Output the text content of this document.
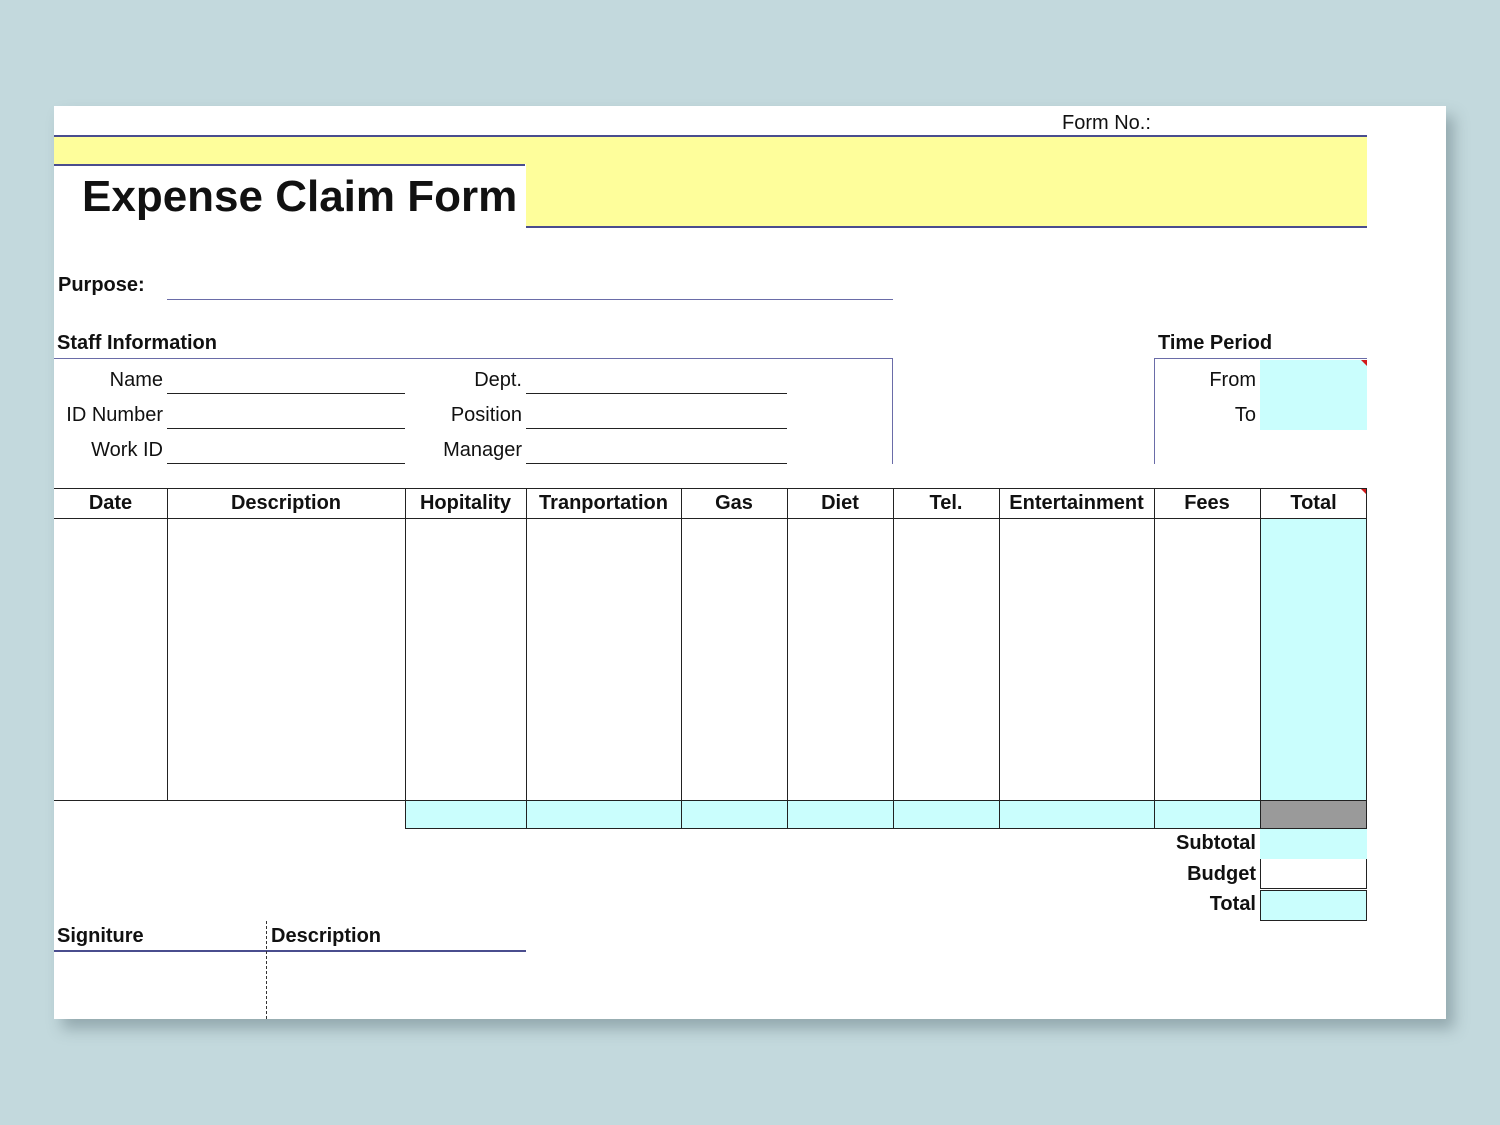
Form No.:
Expense Claim Form
Purpose:
Staff Information
Name
ID Number
Work ID
Dept.
Position
Manager
Time Period
From
To
Date	Description	Hopitality	Tranportation	Gas	Diet	Tel.	Entertainment	Fees	Total
Subtotal
Budget
Total
Signiture	Description
